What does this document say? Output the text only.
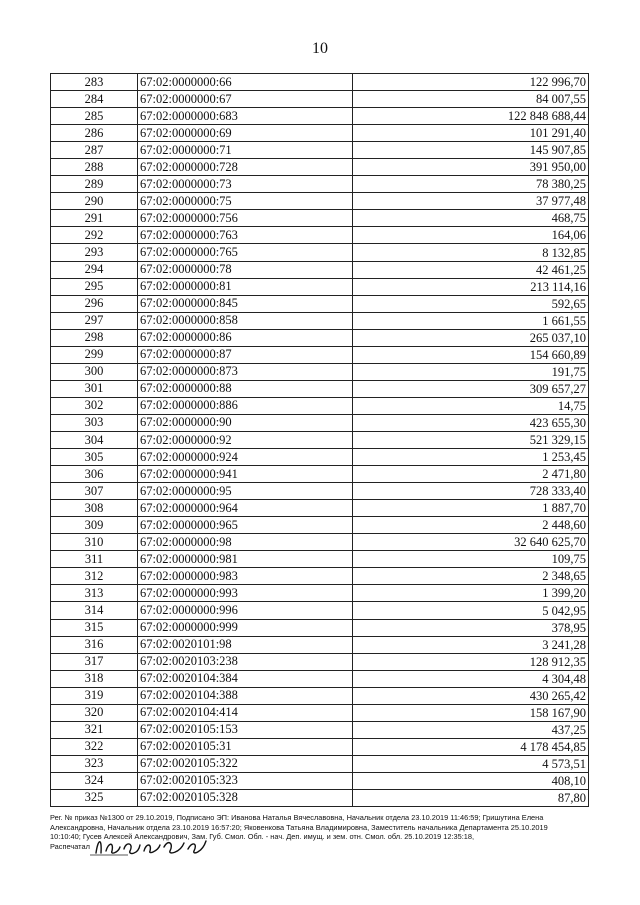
10
283	67:02:0000000:66	122 996,70
284	67:02:0000000:67	84 007,55
285	67:02:0000000:683	122 848 688,44
286	67:02:0000000:69	101 291,40
287	67:02:0000000:71	145 907,85
288	67:02:0000000:728	391 950,00
289	67:02:0000000:73	78 380,25
290	67:02:0000000:75	37 977,48
291	67:02:0000000:756	468,75
292	67:02:0000000:763	164,06
293	67:02:0000000:765	8 132,85
294	67:02:0000000:78	42 461,25
295	67:02:0000000:81	213 114,16
296	67:02:0000000:845	592,65
297	67:02:0000000:858	1 661,55
298	67:02:0000000:86	265 037,10
299	67:02:0000000:87	154 660,89
300	67:02:0000000:873	191,75
301	67:02:0000000:88	309 657,27
302	67:02:0000000:886	14,75
303	67:02:0000000:90	423 655,30
304	67:02:0000000:92	521 329,15
305	67:02:0000000:924	1 253,45
306	67:02:0000000:941	2 471,80
307	67:02:0000000:95	728 333,40
308	67:02:0000000:964	1 887,70
309	67:02:0000000:965	2 448,60
310	67:02:0000000:98	32 640 625,70
311	67:02:0000000:981	109,75
312	67:02:0000000:983	2 348,65
313	67:02:0000000:993	1 399,20
314	67:02:0000000:996	5 042,95
315	67:02:0000000:999	378,95
316	67:02:0020101:98	3 241,28
317	67:02:0020103:238	128 912,35
318	67:02:0020104:384	4 304,48
319	67:02:0020104:388	430 265,42
320	67:02:0020104:414	158 167,90
321	67:02:0020105:153	437,25
322	67:02:0020105:31	4 178 454,85
323	67:02:0020105:322	4 573,51
324	67:02:0020105:323	408,10
325	67:02:0020105:328	87,80

Рег. № приказ №1300 от 29.10.2019, Подписано ЭП: Иванова Наталья Вячеславовна, Начальник отдела 23.10.2019 11:46:59; Гришутина Елена

Александровна, Начальник отдела 23.10.2019 16:57:20; Яковенкова Татьяна Владимировна, Заместитель начальника Департамента 25.10.2019

10:10:40; Гусев Алексей Александрович, Зам. Губ. Смол. Обл. - нач. Деп. имущ. и зем. отн. Смол. обл. 25.10.2019 12:35:18,

Распечатал
